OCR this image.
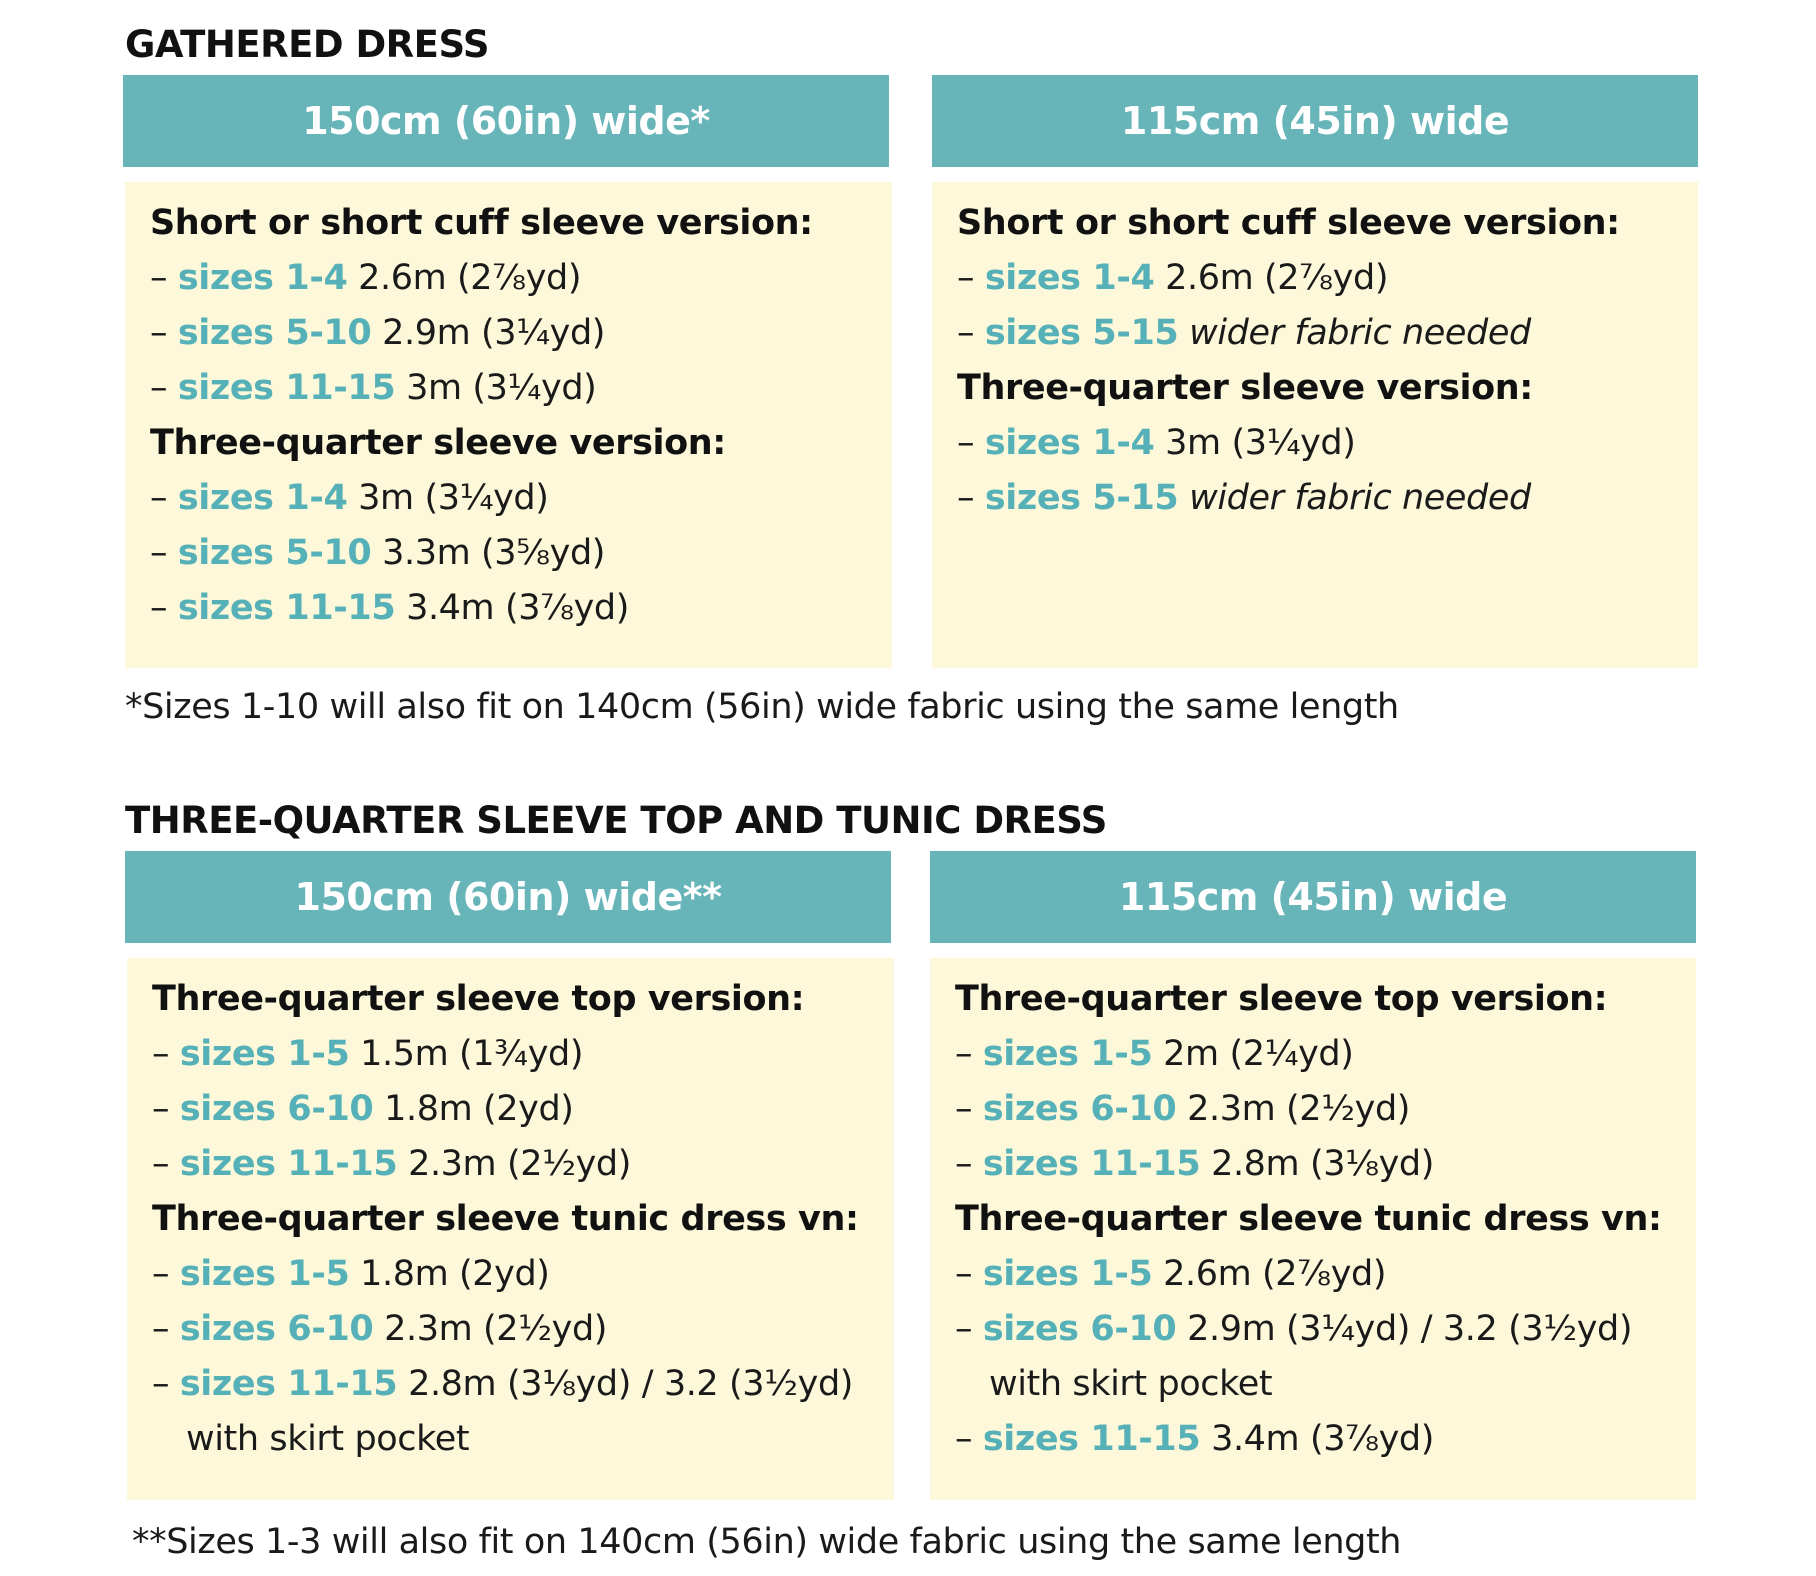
GATHERED DRESS
150cm (60in) wide*	115cm (45in) wide
Short or short cuff sleeve version:
– sizes 1-4 2.6m (2⅞yd)
– sizes 5-10 2.9m (3¼yd)
– sizes 11-15 3m (3¼yd)
Three-quarter sleeve version:
– sizes 1-4 3m (3¼yd)
– sizes 5-10 3.3m (3⅝yd)
– sizes 11-15 3.4m (3⅞yd)
Short or short cuff sleeve version:
– sizes 1-4 2.6m (2⅞yd)
– sizes 5-15 wider fabric needed
Three-quarter sleeve version:
– sizes 1-4 3m (3¼yd)
– sizes 5-15 wider fabric needed
*Sizes 1-10 will also fit on 140cm (56in) wide fabric using the same length
THREE-QUARTER SLEEVE TOP AND TUNIC DRESS
150cm (60in) wide**	115cm (45in) wide
Three-quarter sleeve top version:
– sizes 1-5 1.5m (1¾yd)
– sizes 6-10 1.8m (2yd)
– sizes 11-15 2.3m (2½yd)
Three-quarter sleeve tunic dress vn:
– sizes 1-5 1.8m (2yd)
– sizes 6-10 2.3m (2½yd)
– sizes 11-15 2.8m (3⅛yd) / 3.2 (3½yd)
with skirt pocket
Three-quarter sleeve top version:
– sizes 1-5 2m (2¼yd)
– sizes 6-10 2.3m (2½yd)
– sizes 11-15 2.8m (3⅛yd)
Three-quarter sleeve tunic dress vn:
– sizes 1-5 2.6m (2⅞yd)
– sizes 6-10 2.9m (3¼yd) / 3.2 (3½yd)
with skirt pocket
– sizes 11-15 3.4m (3⅞yd)
**Sizes 1-3 will also fit on 140cm (56in) wide fabric using the same length
